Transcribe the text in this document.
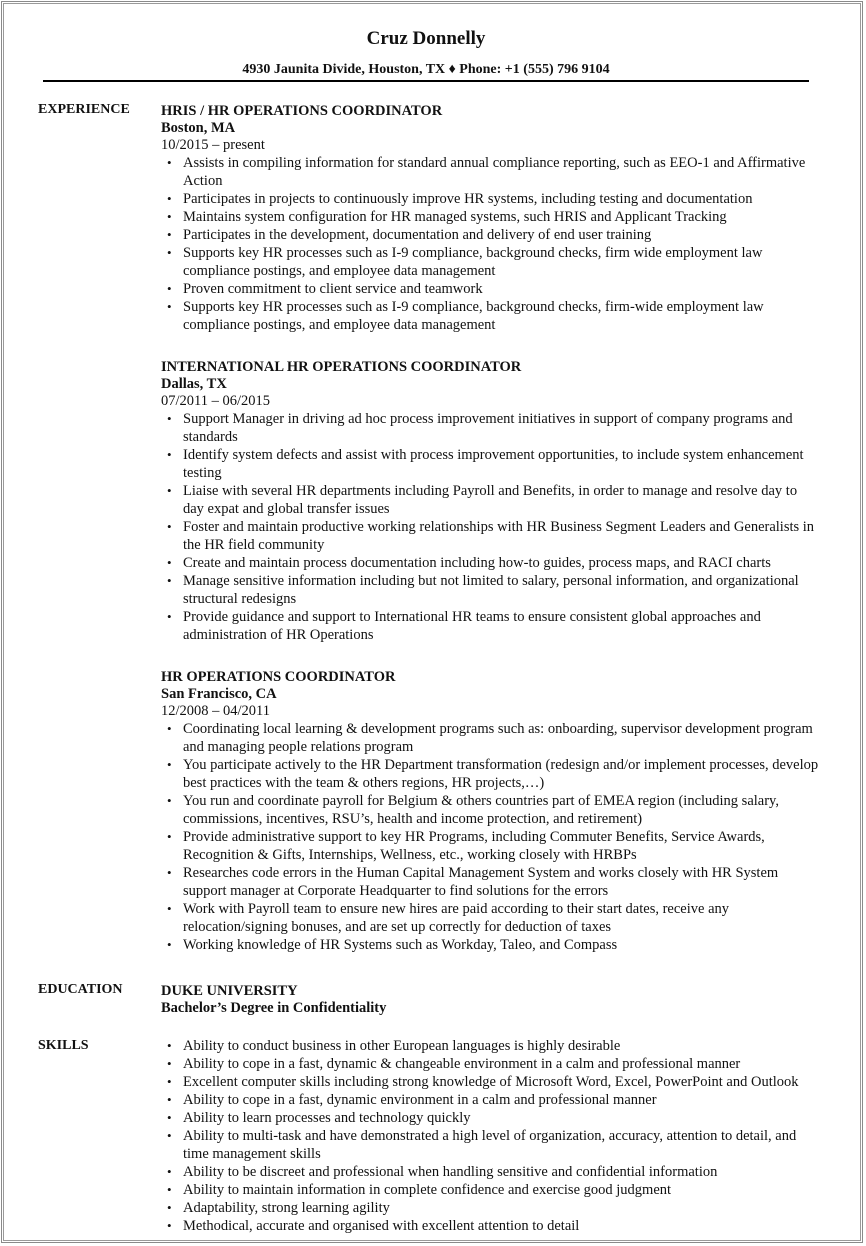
Cruz Donnelly
4930 Jaunita Divide, Houston, TX ♦ Phone: +1 (555) 796 9104
EXPERIENCE HRIS / HR OPERATIONS COORDINATOR
Boston, MA
10/2015 – present
• Assists in compiling information for standard annual compliance reporting, such as EEO-1 and Affirmative Action
• Participates in projects to continuously improve HR systems, including testing and documentation
• Maintains system configuration for HR managed systems, such HRIS and Applicant Tracking
• Participates in the development, documentation and delivery of end user training
• Supports key HR processes such as I-9 compliance, background checks, firm wide employment law compliance postings, and employee data management
• Proven commitment to client service and teamwork
• Supports key HR processes such as I-9 compliance, background checks, firm-wide employment law compliance postings, and employee data management
INTERNATIONAL HR OPERATIONS COORDINATOR
Dallas, TX
07/2011 – 06/2015
• Support Manager in driving ad hoc process improvement initiatives in support of company programs and standards
• Identify system defects and assist with process improvement opportunities, to include system enhancement testing
• Liaise with several HR departments including Payroll and Benefits, in order to manage and resolve day to day expat and global transfer issues
• Foster and maintain productive working relationships with HR Business Segment Leaders and Generalists in the HR field community
• Create and maintain process documentation including how-to guides, process maps, and RACI charts
• Manage sensitive information including but not limited to salary, personal information, and organizational structural redesigns
• Provide guidance and support to International HR teams to ensure consistent global approaches and administration of HR Operations
HR OPERATIONS COORDINATOR
San Francisco, CA
12/2008 – 04/2011
• Coordinating local learning & development programs such as: onboarding, supervisor development program and managing people relations program
• You participate actively to the HR Department transformation (redesign and/or implement processes, develop best practices with the team & others regions, HR projects,…)
• You run and coordinate payroll for Belgium & others countries part of EMEA region (including salary, commissions, incentives, RSU’s, health and income protection, and retirement)
• Provide administrative support to key HR Programs, including Commuter Benefits, Service Awards, Recognition & Gifts, Internships, Wellness, etc., working closely with HRBPs
• Researches code errors in the Human Capital Management System and works closely with HR System support manager at Corporate Headquarter to find solutions for the errors
• Work with Payroll team to ensure new hires are paid according to their start dates, receive any relocation/signing bonuses, and are set up correctly for deduction of taxes
• Working knowledge of HR Systems such as Workday, Taleo, and Compass
EDUCATION	DUKE UNIVERSITY
Bachelor’s Degree in Confidentiality
SKILLS	• Ability to conduct business in other European languages is highly desirable
• Ability to cope in a fast, dynamic & changeable environment in a calm and professional manner
• Excellent computer skills including strong knowledge of Microsoft Word, Excel, PowerPoint and Outlook
• Ability to cope in a fast, dynamic environment in a calm and professional manner
• Ability to learn processes and technology quickly
• Ability to multi-task and have demonstrated a high level of organization, accuracy, attention to detail, and time management skills
• Ability to be discreet and professional when handling sensitive and confidential information
• Ability to maintain information in complete confidence and exercise good judgment
• Adaptability, strong learning agility
• Methodical, accurate and organised with excellent attention to detail
